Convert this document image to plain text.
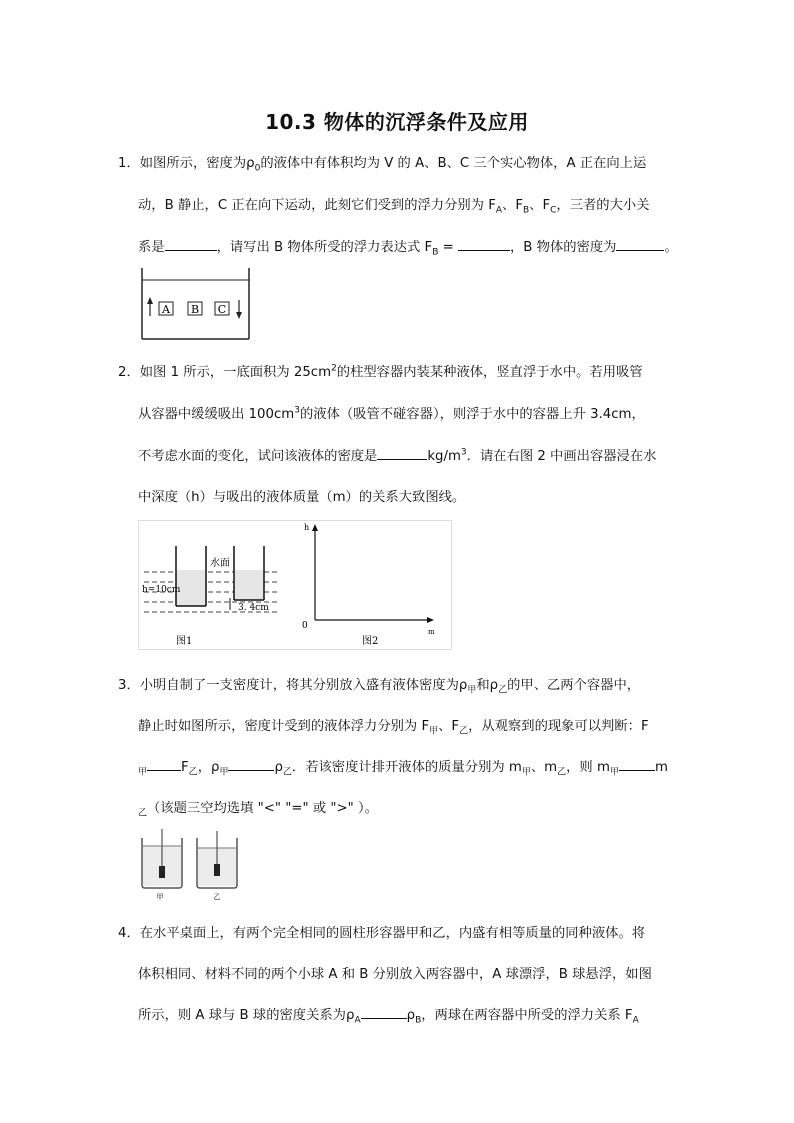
10.3 物体的沉浮条件及应用
1．如图所示，密度为$\rho_0$的液体中有体积均为 V 的 A、B、C 三个实心物体，A 正在向上运
动，B 静止，C 正在向下运动，此刻它们受到的浮力分别为 $F_A$、$F_B$、$F_C$，三者的大小关
系是	，请写出 B 物体所受的浮力表达式 $F_B$ =	，B 物体的密度为	。
A B C
2．如图 1 所示，一底面积为 $25cm^2$的柱型容器内装某种液体，竖直浮于水中。若用吸管
从容器中缓缓吸出 $100cm^3$的液体（吸管不碰容器），则浮于水中的容器上升 3.4cm，
不考虑水面的变化，试问该液体的密度是	$kg/m^3$．请在右图 2 中画出容器浸在水
中深度（h）与吸出的液体质量（m）的关系大致图线。
水面
h=10cm
3. 4cm
图1
h
m
0
图2
3．小明自制了一支密度计，将其分别放入盛有液体密度为$\rho_甲$和$\rho_乙$的甲、乙两个容器中，
静止时如图所示，密度计受到的液体浮力分别为 $F_甲$、$F_乙$，从观察到的现象可以判断：F
$_甲$	$F_乙$，$\rho_甲$	$\rho_乙$．若该密度计排开液体的质量分别为 $m_甲$、$m_乙$，则 $m_甲$	m
$_乙$（该题三空均选填 "<" "=" 或 ">" ）。
甲	乙
4．在水平桌面上，有两个完全相同的圆柱形容器甲和乙，内盛有相等质量的同种液体。将
体积相同、材料不同的两个小球 A 和 B 分别放入两容器中，A 球漂浮，B 球悬浮，如图
所示，则 A 球与 B 球的密度关系为$\rho_A$	$\rho_B$，两球在两容器中所受的浮力关系 $F_A$
